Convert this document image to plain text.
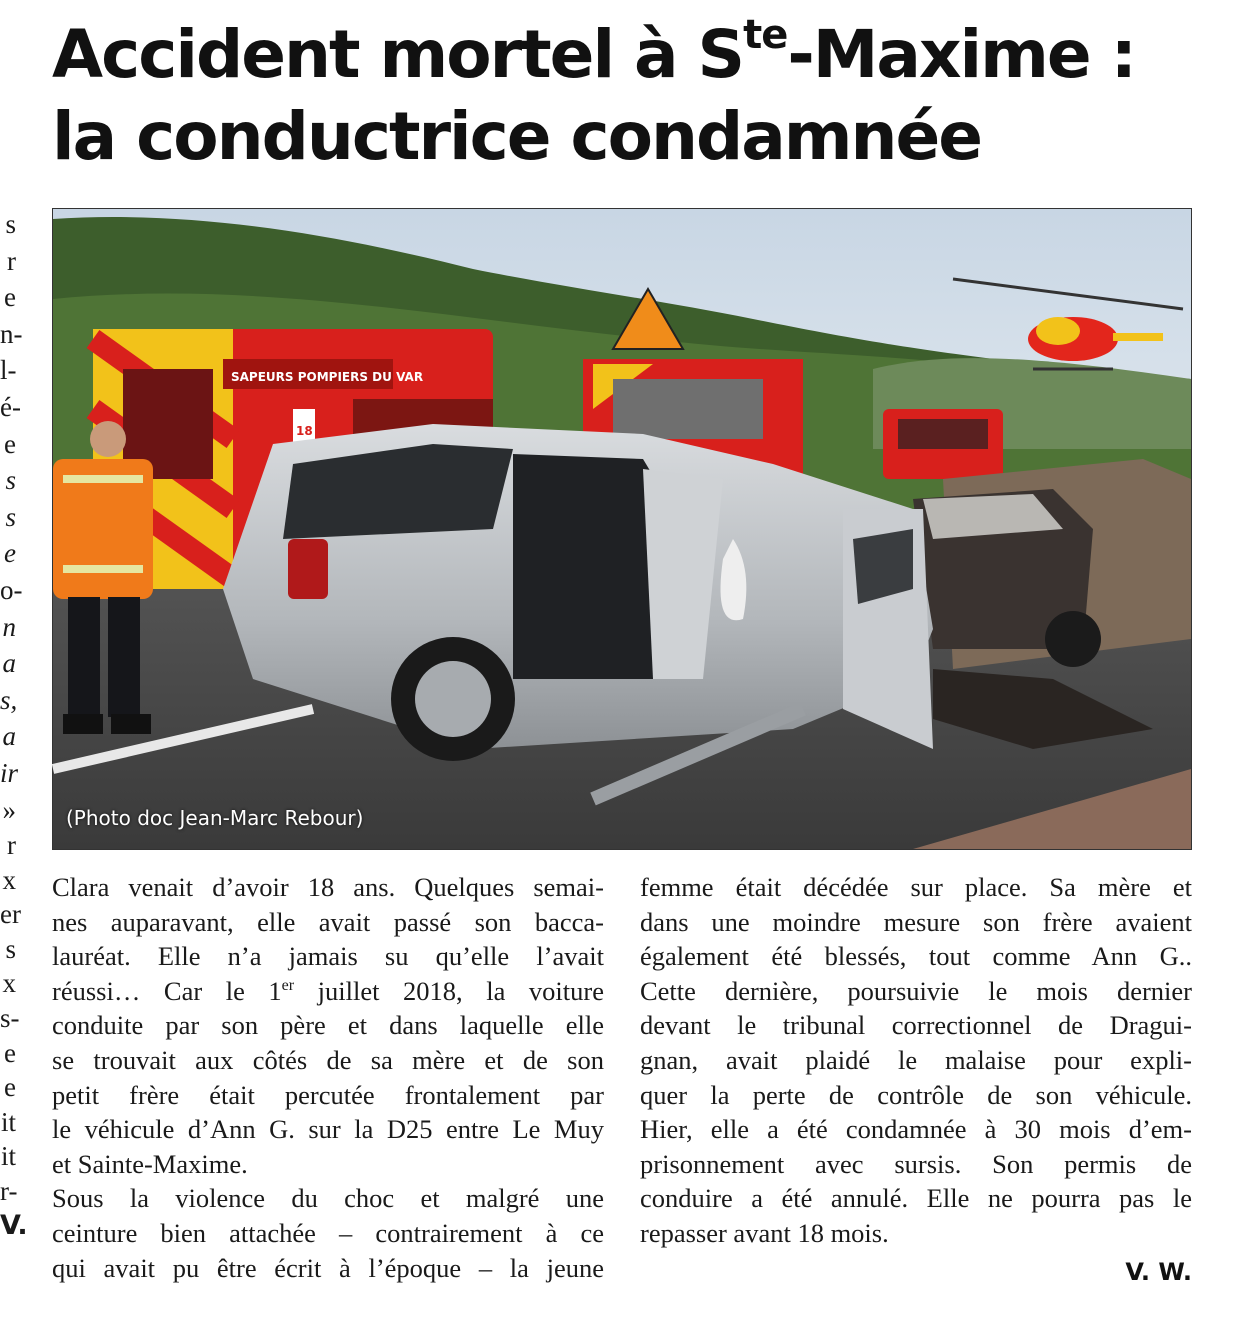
Accident mortel à $S^{te}$-Maxime :
la conductrice condamnée
s
r
e
n-
l-
é-
e
s
s
e
o-
n
a
s,
a
ir
»
r
x
er
s
x
s-
e
e
it
it
r-
V.
SAPEURS POMPIERS DU VAR
18
(Photo doc Jean-Marc Rebour)
Clara venait d’avoir 18 ans. Quelques semai-
nes auparavant, elle avait passé son bacca-
lauréat. Elle n’a jamais su qu’elle l’avait
réussi… Car le 1er juillet 2018, la voiture
conduite par son père et dans laquelle elle
se trouvait aux côtés de sa mère et de son
petit frère était percutée frontalement par
le véhicule d’Ann G. sur la D25 entre Le Muy
et Sainte-Maxime.
Sous la violence du choc et malgré une
ceinture bien attachée – contrairement à ce
qui avait pu être écrit à l’époque – la jeune
femme était décédée sur place. Sa mère et
dans une moindre mesure son frère avaient
également été blessés, tout comme Ann G..
Cette dernière, poursuivie le mois dernier
devant le tribunal correctionnel de Dragui-
gnan, avait plaidé le malaise pour expli-
quer la perte de contrôle de son véhicule.
Hier, elle a été condamnée à 30 mois d’em-
prisonnement avec sursis. Son permis de
conduire a été annulé. Elle ne pourra pas le
repasser avant 18 mois.
V. W.
